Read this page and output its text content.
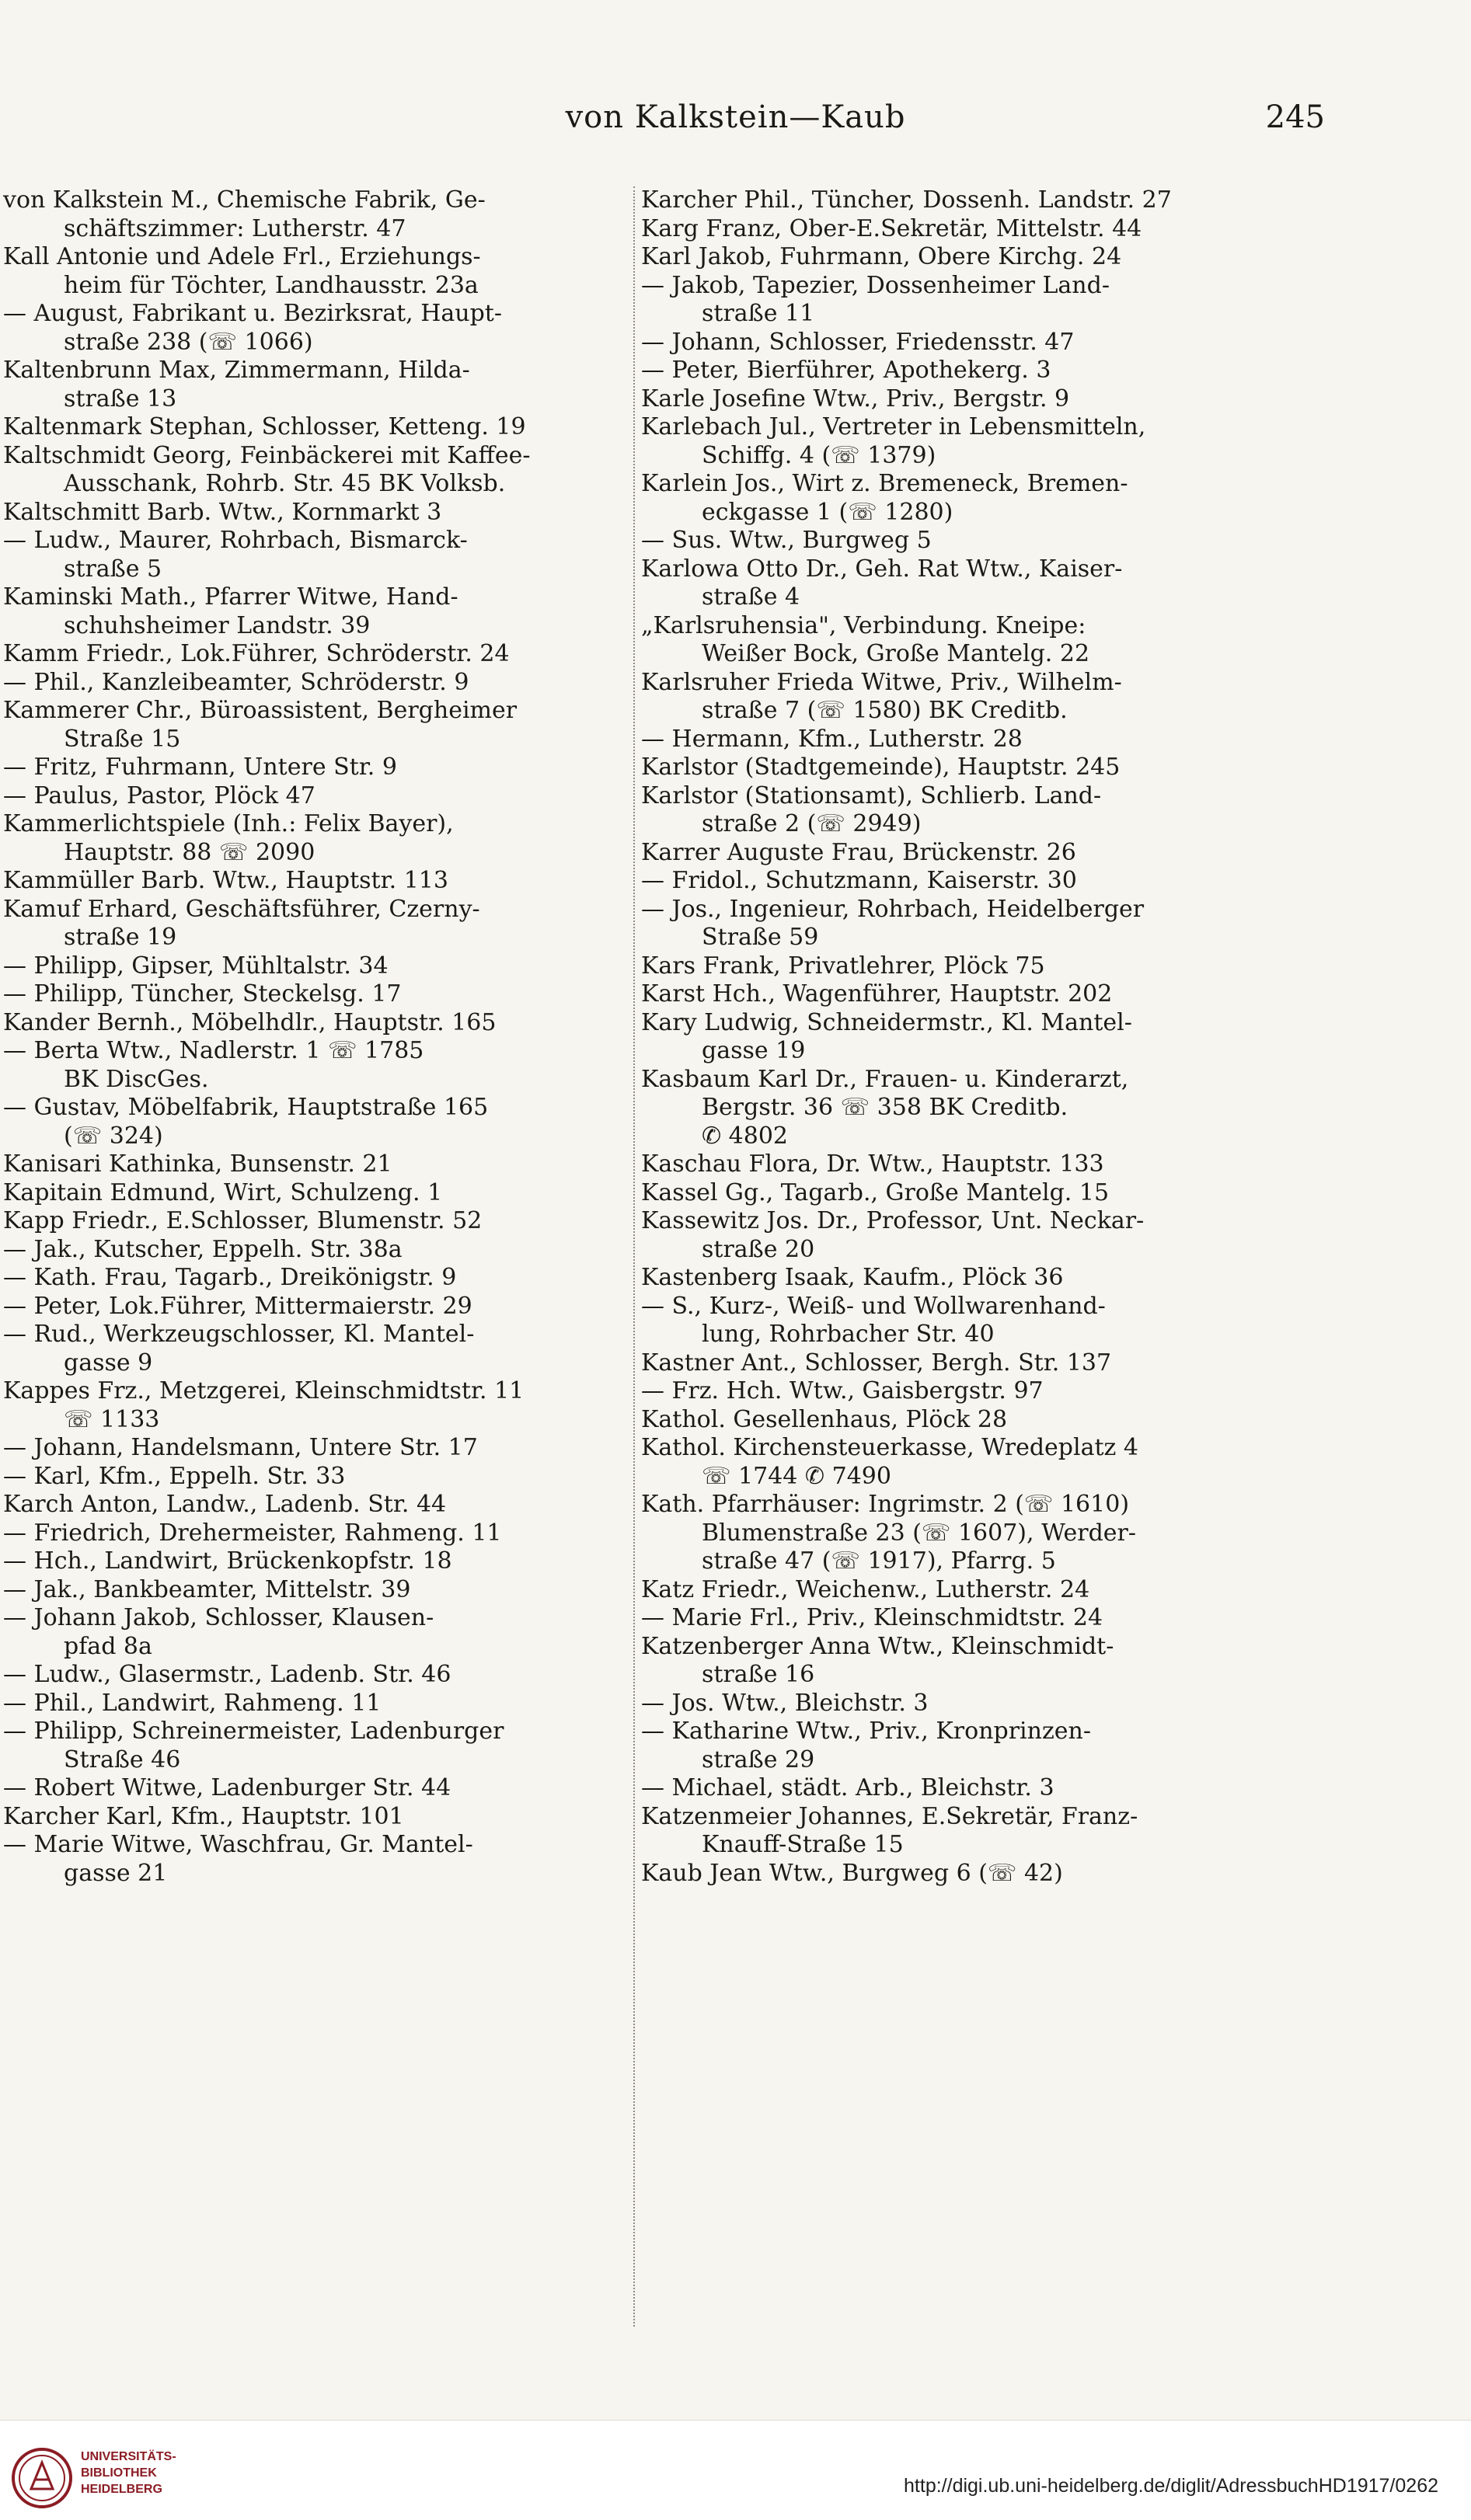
von Kalkstein—Kaub	245
von Kalkstein M., Chemische Fabrik, Ge-
schäftszimmer: Lutherstr. 47
Kall Antonie und Adele Frl., Erziehungs-
heim für Töchter, Landhausstr. 23a
— August, Fabrikant u. Bezirksrat, Haupt-
straße 238 (☏ 1066)
Kaltenbrunn Max, Zimmermann, Hilda-
straße 13
Kaltenmark Stephan, Schlosser, Ketteng. 19
Kaltschmidt Georg, Feinbäckerei mit Kaffee-
Ausschank, Rohrb. Str. 45 BK Volksb.
Kaltschmitt Barb. Wtw., Kornmarkt 3
— Ludw., Maurer, Rohrbach, Bismarck-
straße 5
Kaminski Math., Pfarrer Witwe, Hand-
schuhsheimer Landstr. 39
Kamm Friedr., Lok.Führer, Schröderstr. 24
— Phil., Kanzleibeamter, Schröderstr. 9
Kammerer Chr., Büroassistent, Bergheimer
Straße 15
— Fritz, Fuhrmann, Untere Str. 9
— Paulus, Pastor, Plöck 47
Kammerlichtspiele (Inh.: Felix Bayer),
Hauptstr. 88 ☏ 2090
Kammüller Barb. Wtw., Hauptstr. 113
Kamuf Erhard, Geschäftsführer, Czerny-
straße 19
— Philipp, Gipser, Mühltalstr. 34
— Philipp, Tüncher, Steckelsg. 17
Kander Bernh., Möbelhdlr., Hauptstr. 165
— Berta Wtw., Nadlerstr. 1 ☏ 1785
BK DiscGes.
— Gustav, Möbelfabrik, Hauptstraße 165
(☏ 324)
Kanisari Kathinka, Bunsenstr. 21
Kapitain Edmund, Wirt, Schulzeng. 1
Kapp Friedr., E.Schlosser, Blumenstr. 52
— Jak., Kutscher, Eppelh. Str. 38a
— Kath. Frau, Tagarb., Dreikönigstr. 9
— Peter, Lok.Führer, Mittermaierstr. 29
— Rud., Werkzeugschlosser, Kl. Mantel-
gasse 9
Kappes Frz., Metzgerei, Kleinschmidtstr. 11
☏ 1133
— Johann, Handelsmann, Untere Str. 17
— Karl, Kfm., Eppelh. Str. 33
Karch Anton, Landw., Ladenb. Str. 44
— Friedrich, Drehermeister, Rahmeng. 11
— Hch., Landwirt, Brückenkopfstr. 18
— Jak., Bankbeamter, Mittelstr. 39
— Johann Jakob, Schlosser, Klausen-
pfad 8a
— Ludw., Glasermstr., Ladenb. Str. 46
— Phil., Landwirt, Rahmeng. 11
— Philipp, Schreinermeister, Ladenburger
Straße 46
— Robert Witwe, Ladenburger Str. 44
Karcher Karl, Kfm., Hauptstr. 101
— Marie Witwe, Waschfrau, Gr. Mantel-
gasse 21
Karcher Phil., Tüncher, Dossenh. Landstr. 27
Karg Franz, Ober-E.Sekretär, Mittelstr. 44
Karl Jakob, Fuhrmann, Obere Kirchg. 24
— Jakob, Tapezier, Dossenheimer Land-
straße 11
— Johann, Schlosser, Friedensstr. 47
— Peter, Bierführer, Apothekerg. 3
Karle Josefine Wtw., Priv., Bergstr. 9
Karlebach Jul., Vertreter in Lebensmitteln,
Schiffg. 4 (☏ 1379)
Karlein Jos., Wirt z. Bremeneck, Bremen-
eckgasse 1 (☏ 1280)
— Sus. Wtw., Burgweg 5
Karlowa Otto Dr., Geh. Rat Wtw., Kaiser-
straße 4
„Karlsruhensia", Verbindung. Kneipe:
Weißer Bock, Große Mantelg. 22
Karlsruher Frieda Witwe, Priv., Wilhelm-
straße 7 (☏ 1580) BK Creditb.
— Hermann, Kfm., Lutherstr. 28
Karlstor (Stadtgemeinde), Hauptstr. 245
Karlstor (Stationsamt), Schlierb. Land-
straße 2 (☏ 2949)
Karrer Auguste Frau, Brückenstr. 26
— Fridol., Schutzmann, Kaiserstr. 30
— Jos., Ingenieur, Rohrbach, Heidelberger
Straße 59
Kars Frank, Privatlehrer, Plöck 75
Karst Hch., Wagenführer, Hauptstr. 202
Kary Ludwig, Schneidermstr., Kl. Mantel-
gasse 19
Kasbaum Karl Dr., Frauen- u. Kinderarzt,
Bergstr. 36 ☏ 358 BK Creditb.
✆ 4802
Kaschau Flora, Dr. Wtw., Hauptstr. 133
Kassel Gg., Tagarb., Große Mantelg. 15
Kassewitz Jos. Dr., Professor, Unt. Neckar-
straße 20
Kastenberg Isaak, Kaufm., Plöck 36
— S., Kurz-, Weiß- und Wollwarenhand-
lung, Rohrbacher Str. 40
Kastner Ant., Schlosser, Bergh. Str. 137
— Frz. Hch. Wtw., Gaisbergstr. 97
Kathol. Gesellenhaus, Plöck 28
Kathol. Kirchensteuerkasse, Wredeplatz 4
☏ 1744 ✆ 7490
Kath. Pfarrhäuser: Ingrimstr. 2 (☏ 1610)
Blumenstraße 23 (☏ 1607), Werder-
straße 47 (☏ 1917), Pfarrg. 5
Katz Friedr., Weichenw., Lutherstr. 24
— Marie Frl., Priv., Kleinschmidtstr. 24
Katzenberger Anna Wtw., Kleinschmidt-
straße 16
— Jos. Wtw., Bleichstr. 3
— Katharine Wtw., Priv., Kronprinzen-
straße 29
— Michael, städt. Arb., Bleichstr. 3
Katzenmeier Johannes, E.Sekretär, Franz-
Knauff-Straße 15
Kaub Jean Wtw., Burgweg 6 (☏ 42)
UNIVERSITÄTS-BIBLIOTHEK HEIDELBERG	http://digi.ub.uni-heidelberg.de/diglit/AdressbuchHD1917/0262
